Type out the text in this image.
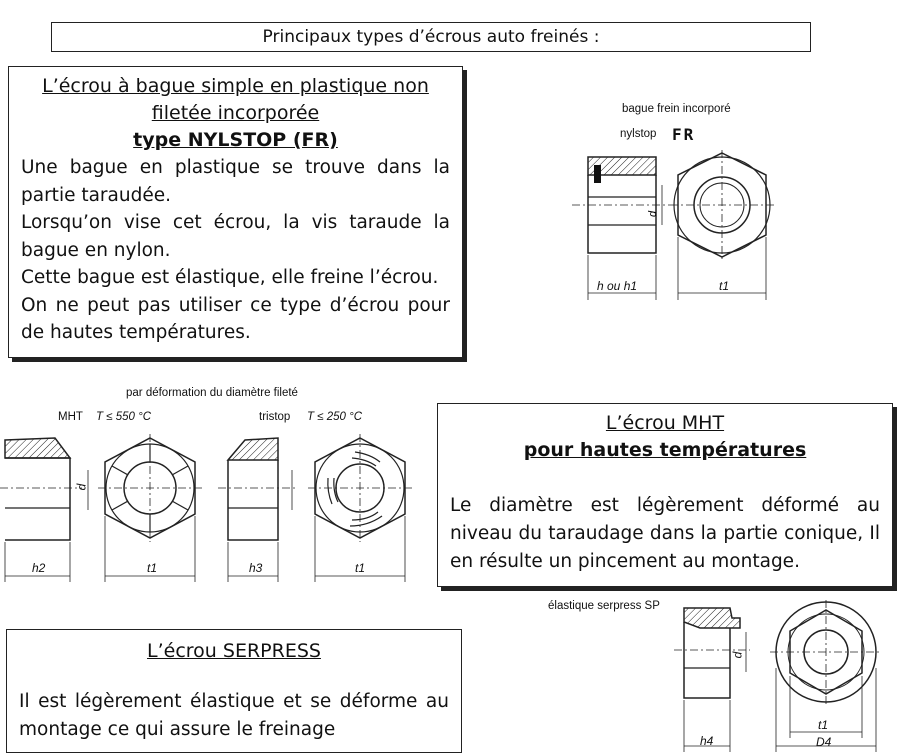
Principaux types d’écrous auto freinés :
L’écrou à bague simple en plastique non filetée incorporée
type NYLSTOP (FR)

Une bague en plastique se trouve dans la partie taraudée.

Lorsqu’on vise cet écrou, la vis taraude la bague en nylon.

Cette bague est élastique, elle freine l’écrou.

On ne peut pas utiliser ce type d’écrou pour de hautes températures.

bague frein incorporé
nylstop FR
d
h ou h1	t1
par déformation du diamètre fileté
MHT T ≤ 550 °C	tristop T ≤ 250 °C
d
h2	t1	h3	t1
L’écrou MHT
pour hautes températures

Le diamètre est légèrement déformé au niveau du taraudage dans la partie conique, Il en résulte un pincement au montage.

élastique serpress SP
d
h4
t1
D4
L’écrou SERPRESS

Il est légèrement élastique et se déforme au montage ce qui assure le freinage
